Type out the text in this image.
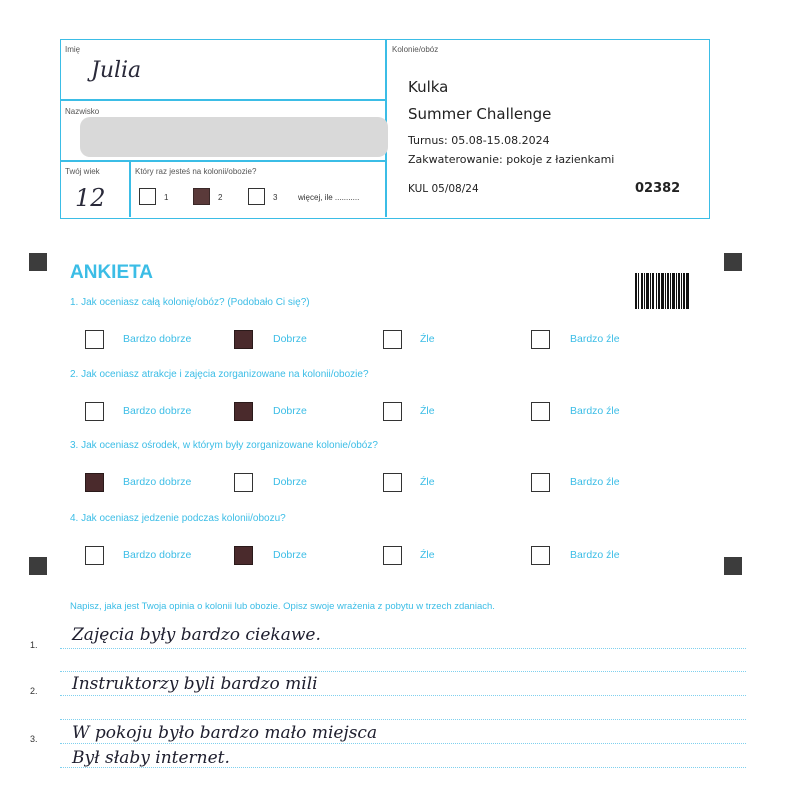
Imię
Julia
Nazwisko
Twój wiek
12
Który raz jesteś na kolonii/obozie?
Kolonie/obóz
Kulka
Summer Challenge
Turnus: 05.08-15.08.2024
Zakwaterowanie: pokoje z łazienkami
KUL 05/08/24	02382
1	2	3	więcej, ile ...........
ANKIETA
1. Jak oceniasz całą kolonię/obóz? (Podobało Ci się?)
Bardzo dobrze	Dobrze	Źle	Bardzo źle
2. Jak oceniasz atrakcje i zajęcia zorganizowane na kolonii/obozie?
Bardzo dobrze	Dobrze	Źle	Bardzo źle
3. Jak oceniasz ośrodek, w którym były zorganizowane kolonie/obóz?
Bardzo dobrze	Dobrze	Źle	Bardzo źle
4. Jak oceniasz jedzenie podczas kolonii/obozu?
Bardzo dobrze	Dobrze	Źle	Bardzo źle
Napisz, jaka jest Twoja opinia o kolonii lub obozie. Opisz swoje wrażenia z pobytu w trzech zdaniach.
1.
2.
3.
Zajęcia były bardzo ciekawe.
Instruktorzy byli bardzo mili
W pokoju było bardzo mało miejsca
Był słaby internet.
